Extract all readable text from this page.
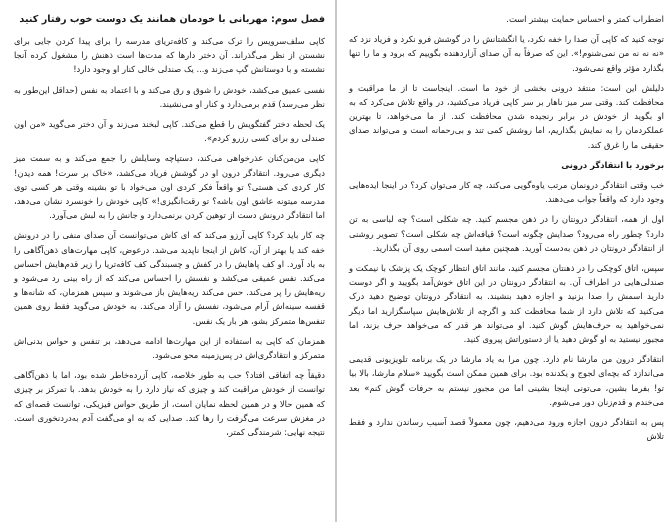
فصل سوم: مهربانی با خودمان همانند یک دوست خوب رفتار کنید

کاپی سلف‌سرویس را ترک می‌کند و کافه‌تریای مدرسه را برای پیدا کردن جایی برای نشستن از نظر می‌گذراند. آن دختر دارها که مدت‌ها است ذهنش را مشغول کرده آنجا نشسته و با دوستانش گپ می‌زند و... یک صندلی خالی کنار او وجود دارد!

نفسی عمیق می‌کشد، خودش را شوق و رق می‌کند و با اعتماد به نفس (حداقل این‌طور به نظر می‌رسد) قدم برمی‌دارد و کنار او می‌نشیند.

یک لحظه دختر گفتگویش را قطع می‌کند. کاپی لبخند می‌زند و آن دختر می‌گوید «من اون صندلی رو برای کسی رزرو کردم».

کاپی من‌من‌کنان عذرخواهی می‌کند، دستپاچه وسایلش را جمع می‌کند و به سمت میز دیگری می‌رود. انتقادگر درون او در گوشش فریاد می‌کشد، «خاک بر سرت! همه دیدن! کار کردی کی هستی؟ تو واقعاً فکر کردی اون می‌خواد با تو بشینه وقتی هر کسی توی مدرسه میتونه عاشق اون باشه؟ تو رقت‌انگیزی!» کاپی خودش را خونسرد نشان می‌دهد، اما انتقادگر درونش دست از توهین کردن برنمی‌دارد و جانش را به لبش می‌آورد.

چه کار باید کرد؟ کاپی آرزو می‌کند که ای کاش می‌توانست آن صدای منفی را در درونش خفه کند یا بهتر از آن، کاش از اینجا ناپدید می‌شد. درعوض، کاپی مهارت‌های ذهن‌آگاهی را به یاد آورد. او کف پاهایش را در کفش و چسبندگی کف کافه‌تریا را زیر قدم‌هایش احساس می‌کند. نفس عمیقی می‌کشد و نفسش را احساس می‌کند که از راه بینی رد می‌شود و ریه‌هایش را پر می‌کند. حس می‌کند ریه‌هایش باز می‌شوند و سپس همزمان، که شانه‌ها و قفسه سینه‌اش آرام می‌شود، نفسش را آزاد می‌کند. به خودش می‌گوید فقط روی همین تنفس‌ها متمرکز بشو، هر بار یک نفس.

همزمان که کاپی به استفاده از این مهارت‌ها ادامه می‌دهد، بر تنفس و حواس بدنی‌اش متمرکز و انتقادگری‌اش در پس‌زمینه محو می‌شود.

دقیقاً چه اتفاقی افتاد؟ حب به طور خلاصه، کاپی آزرده‌خاطر شده بود، اما با ذهن‌آگاهی توانست از خودش مراقبت کند و چیزی که نیاز دارد را به خودش بدهد. با تمرکز بر چیزی که همین حالا و در همین لحظه نمایان است، از طریق حواس فیزیکی، توانست قصه‌ای که در مغزش سرعت می‌گرفت را رها کند. صدایی که به او می‌گفت آدم به‌دردنخوری است. نتیجه نهایی: شرمندگی کمتر،

اضطراب کمتر و احساس حمایت بیشتر است.

توجه کنید که کاپی آن صدا را خفه نکرد، یا انگشتانش را در گوشش فرو نکرد و فریاد نزد که «نه نه نه من نمی‌شنوم!». این که صرفاً به آن صدای آزاردهنده بگوییم که برود و ما را تنها بگذارد مؤثر واقع نمی‌شود.

دلیلش این است: منتقد درونی بخشی از خود ما است. اینجاست تا از ما مراقبت و محافظت کند. وقتی سر میز ناهار بر سر کاپی فریاد می‌کشید، در واقع تلاش می‌کرد که به او بگوید از خودش در برابر رنجیده شدن محافظت کند. از ما می‌خواهد، تا بهترین عملکردمان را به نمایش بگذاریم، اما روشش کمی تند و بی‌رحمانه است و می‌تواند صدای حقیقی ما را غرق کند.

برخورد با انتقادگر درونی

خب وقتی انتقادگر درونمان مرتب یاوه‌گویی می‌کند، چه کار می‌توان کرد؟ در اینجا ایده‌هایی وجود دارد که واقعاً جواب می‌دهند.

اول از همه، انتقادگر درونتان را در ذهن مجسم کنید. چه شکلی است؟ چه لباسی به تن دارد؟ چطور راه می‌رود؟ صدایش چگونه است؟ قیافه‌اش چه شکلی است؟ تصویر روشنی از انتقادگر درونتان در ذهن به‌دست آورید. همچنین مفید است اسمی روی آن بگذارید.

سپس، اتاق کوچکی را در ذهنتان مجسم کنید، مانند اتاق انتظار کوچک یک پزشک با نیمکت و صندلی‌هایی در اطراف آن. به انتقادگر درونتان در این اتاق خوش‌آمد بگویید و اگر دوست دارید اسمش را صدا بزنید و اجازه دهید بنشیند. به انتقادگر درونتان توضیح دهید درک می‌کنید که تلاش دارد از شما محافظت کند و اگرچه از تلاش‌هایش سپاسگزارید اما دیگر نمی‌خواهید به حرف‌هایش گوش کنید. او می‌تواند هر قدر که می‌خواهد حرف بزند، اما مجبور نیستید به او گوش دهید یا از دستوراتش پیروی کنید.

انتقادگر درون من مارشا نام دارد. چون مرا به یاد مارشا در یک برنامه تلویزیونی قدیمی می‌اندازد که بچه‌ای لجوج و یکدنده بود. برای همین ممکن است بگویید «سلام مارشا، بالا بیا تو! بفرما بشین، می‌تونی اینجا بشینی اما من مجبور نیستم به حرفات گوش کنم» بعد می‌خندم و قدم‌زنان دور می‌شوم.

پس به انتقادگر درون اجازه ورود می‌دهیم، چون معمولاً قصد آسیب رساندن ندارد و فقط تلاش
